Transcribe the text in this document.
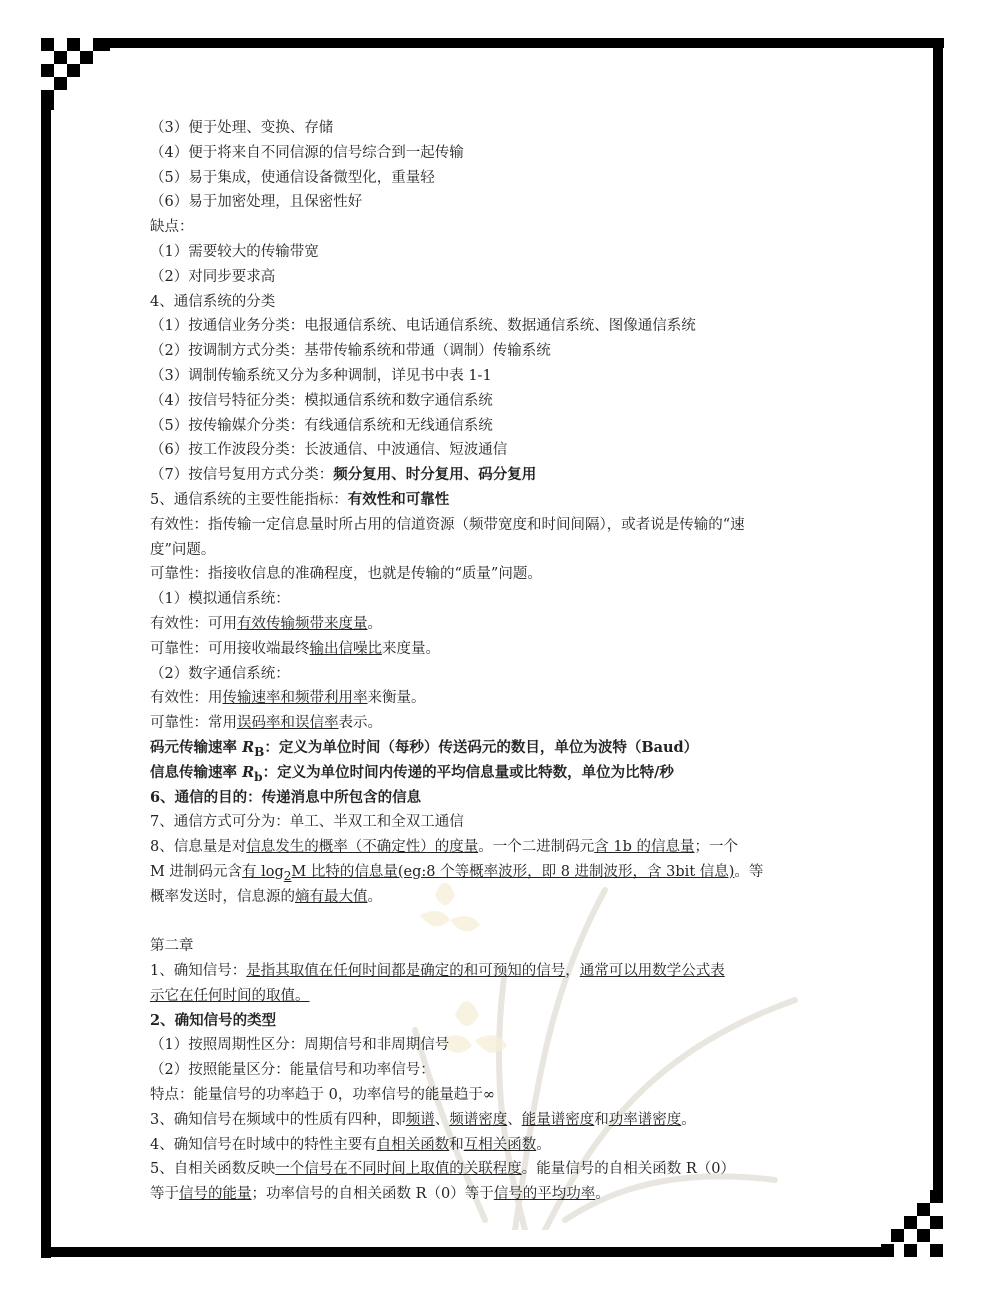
（3）便于处理、变换、存储
（4）便于将来自不同信源的信号综合到一起传输
（5）易于集成，使通信设备微型化，重量轻
（6）易于加密处理，且保密性好
缺点：
（1）需要较大的传输带宽
（2）对同步要求高
4、通信系统的分类
（1）按通信业务分类：电报通信系统、电话通信系统、数据通信系统、图像通信系统
（2）按调制方式分类：基带传输系统和带通（调制）传输系统
（3）调制传输系统又分为多种调制，详见书中表 1-1
（4）按信号特征分类：模拟通信系统和数字通信系统
（5）按传输媒介分类：有线通信系统和无线通信系统
（6）按工作波段分类：长波通信、中波通信、短波通信
（7）按信号复用方式分类：频分复用、时分复用、码分复用
5、通信系统的主要性能指标：有效性和可靠性
有效性：指传输一定信息量时所占用的信道资源（频带宽度和时间间隔），或者说是传输的“速
度”问题。
可靠性：指接收信息的准确程度，也就是传输的“质量”问题。
（1）模拟通信系统：
有效性：可用有效传输频带来度量。
可靠性：可用接收端最终输出信噪比来度量。
（2）数字通信系统：
有效性：用传输速率和频带利用率来衡量。
可靠性：常用误码率和误信率表示。
码元传输速率 $R_B$：定义为单位时间（每秒）传送码元的数目，单位为波特（Baud）
信息传输速率 $R_b$：定义为单位时间内传递的平均信息量或比特数，单位为比特/秒
6、通信的目的：传递消息中所包含的信息
7、通信方式可分为：单工、半双工和全双工通信
8、信息量是对信息发生的概率（不确定性）的度量。一个二进制码元含 1b 的信息量；一个
M 进制码元含有 $\log_2M$ 比特的信息量(eg:8 个等概率波形，即 8 进制波形，含 3bit 信息)。等
概率发送时，信息源的熵有最大值。
第二章
1、确知信号：是指其取值在任何时间都是确定的和可预知的信号，通常可以用数学公式表
示它在任何时间的取值。
2、确知信号的类型
（1）按照周期性区分：周期信号和非周期信号
（2）按照能量区分：能量信号和功率信号：
特点：能量信号的功率趋于 0，功率信号的能量趋于∞
3、确知信号在频域中的性质有四种，即频谱、频谱密度、能量谱密度和功率谱密度。
4、确知信号在时域中的特性主要有自相关函数和互相关函数。
5、自相关函数反映一个信号在不同时间上取值的关联程度。能量信号的自相关函数 R（0）
等于信号的能量；功率信号的自相关函数 R（0）等于信号的平均功率。
